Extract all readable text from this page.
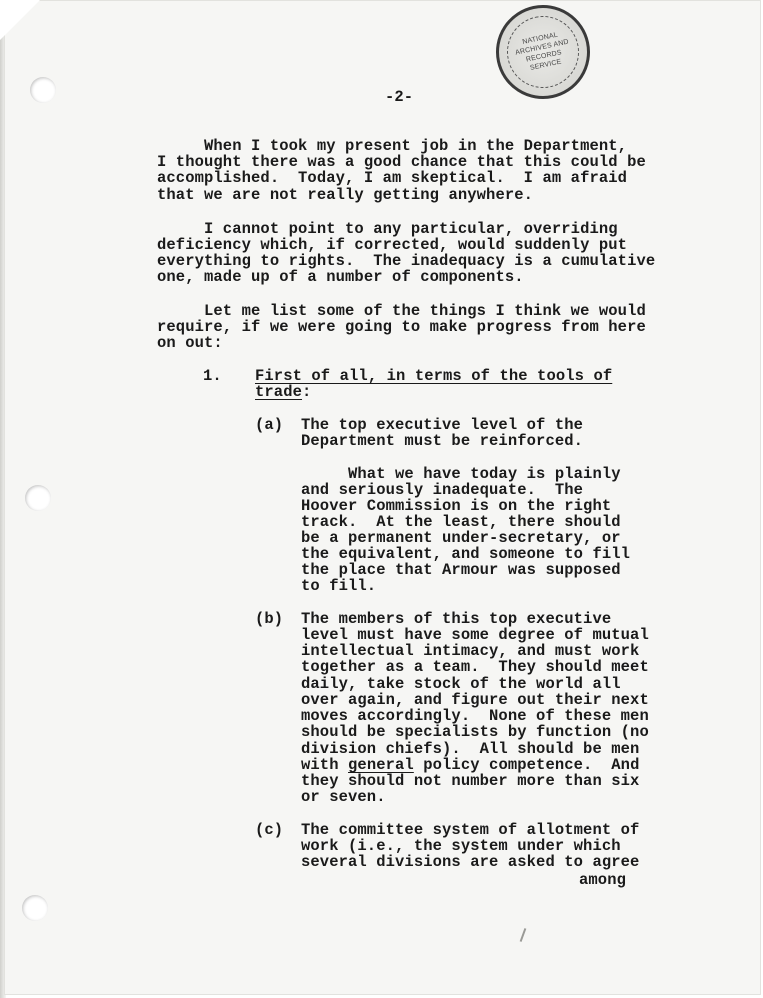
NATIONAL ARCHIVES AND RECORDS SERVICE
-2-
When I took my present job in the Department,
I thought there was a good chance that this could be
accomplished.  Today, I am skeptical.  I am afraid
that we are not really getting anywhere.
I cannot point to any particular, overriding
deficiency which, if corrected, would suddenly put
everything to rights.  The inadequacy is a cumulative
one, made up of a number of components.
Let me list some of the things I think we would
require, if we were going to make progress from here
on out:
1. First of all, in terms of the tools of
trade:
(a) The top executive level of the
Department must be reinforced.
What we have today is plainly
and seriously inadequate.  The
Hoover Commission is on the right
track.  At the least, there should
be a permanent under-secretary, or
the equivalent, and someone to fill
the place that Armour was supposed
to fill.
(b) The members of this top executive
level must have some degree of mutual
intellectual intimacy, and must work
together as a team.  They should meet
daily, take stock of the world all
over again, and figure out their next
moves accordingly.  None of these men
should be specialists by function (no
division chiefs).  All should be men
with general policy competence.  And
they should not number more than six
or seven.
(c) The committee system of allotment of
work (i.e., the system under which
several divisions are asked to agree
among
